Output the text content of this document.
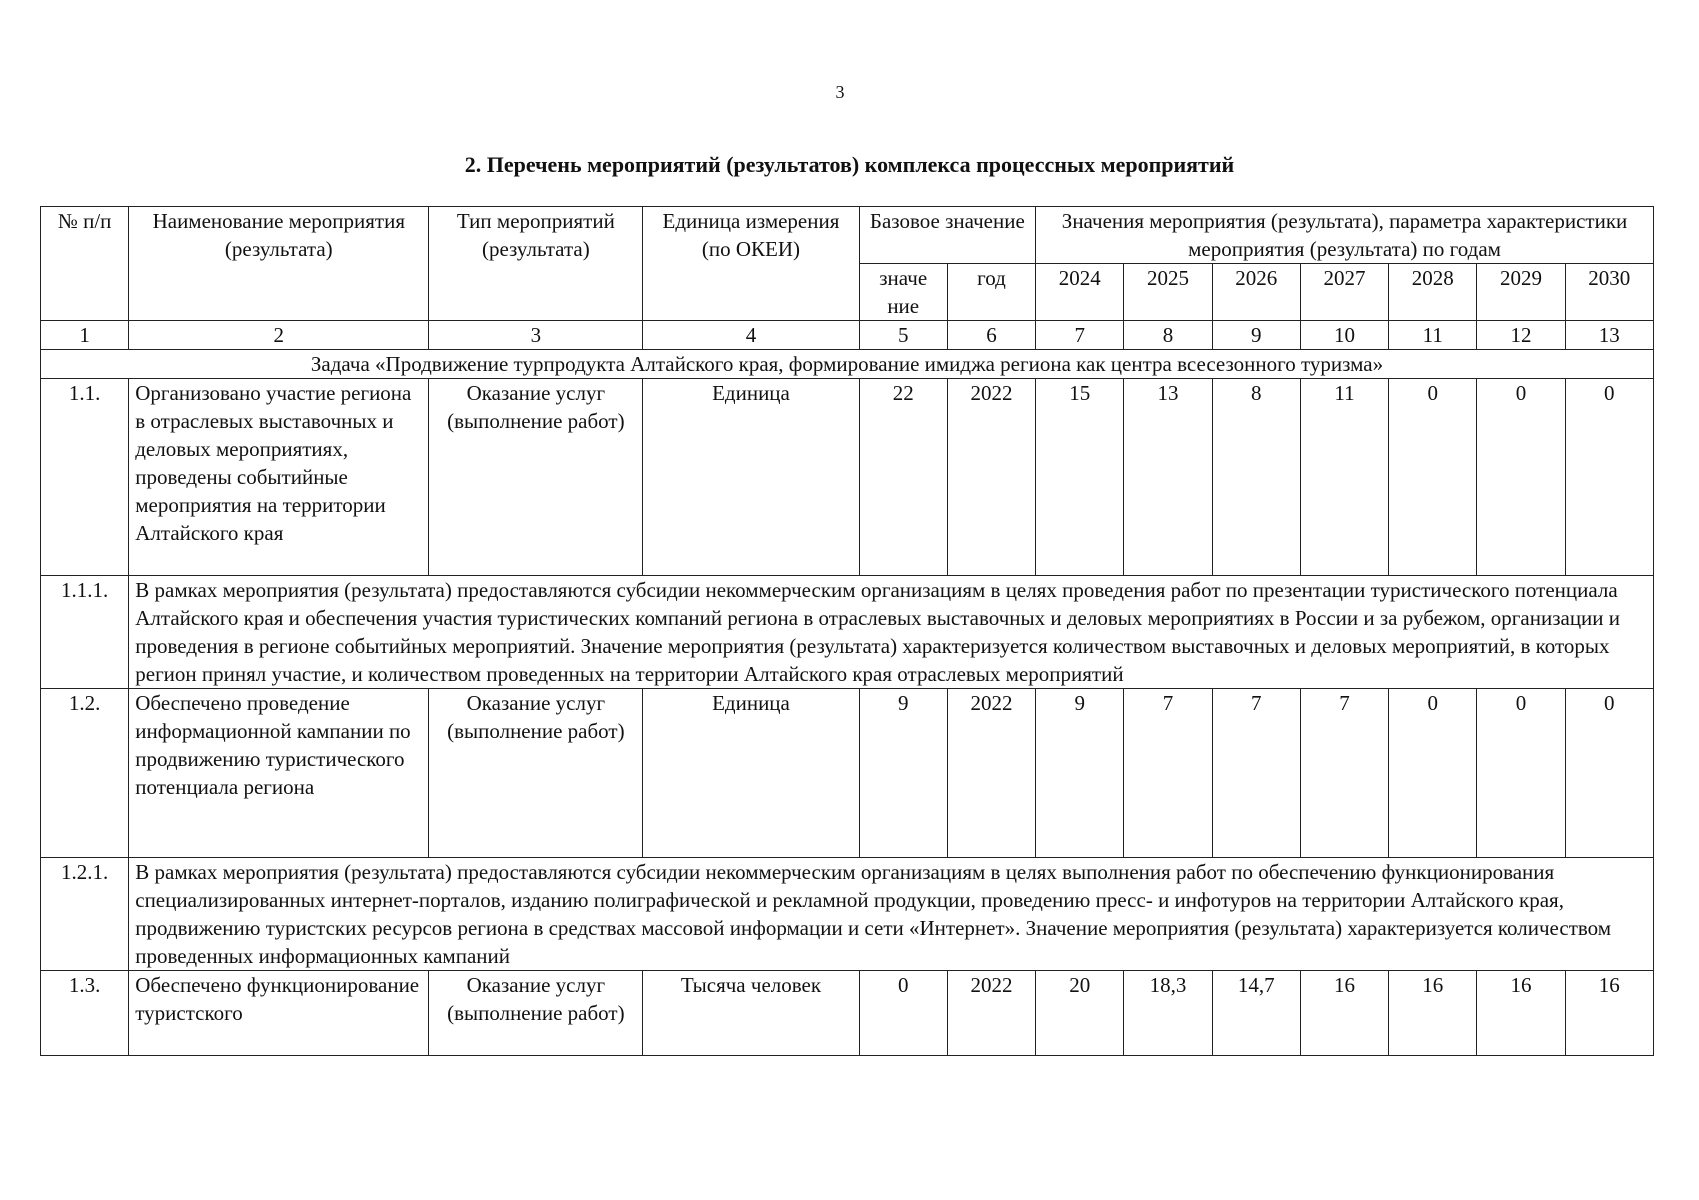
3
2. Перечень мероприятий (результатов) комплекса процессных мероприятий
№ п/п	Наименование мероприятия (результата)	Тип мероприятий (результата)	Единица измерения (по ОКЕИ)	Базовое значение		Значения мероприятия (результата), параметра характеристики мероприятия (результата) по годам						
				значе ние	год	2024	2025	2026	2027	2028	2029	2030
1	2	3	4	5	6	7	8	9	10	11	12	13
Задача «Продвижение турпродукта Алтайского края, формирование имиджа региона как центра всесезонного туризма»												
1.1.	Организовано участие региона в отраслевых выставочных и деловых мероприятиях, проведены событийные мероприятия на территории Алтайского края	Оказание услуг (выполнение работ)	Единица	22	2022	15	13	8	11	0	0	0
1.1.1.	В рамках мероприятия (результата) предоставляются субсидии некоммерческим организациям в целях проведения работ по презентации туристического потенциала Алтайского края и обеспечения участия туристических компаний региона в отраслевых выставочных и деловых мероприятиях в России и за рубежом, организации и проведения в регионе событийных мероприятий. Значение мероприятия (результата) характеризуется количеством выставочных и деловых мероприятий, в которых регион принял участие, и количеством проведенных на территории Алтайского края отраслевых мероприятий											
1.2.	Обеспечено проведение информационной кампании по продвижению туристического потенциала региона	Оказание услуг (выполнение работ)	Единица	9	2022	9	7	7	7	0	0	0
1.2.1.	В рамках мероприятия (результата) предоставляются субсидии некоммерческим организациям в целях выполнения работ по обеспечению функционирования специализированных интернет-порталов, изданию полиграфической и рекламной продукции, проведению пресс- и инфотуров на территории Алтайского края, продвижению туристских ресурсов региона в средствах массовой информации и сети «Интернет». Значение мероприятия (результата) характеризуется количеством проведенных информационных кампаний											
1.3.	Обеспечено функционирование туристского	Оказание услуг (выполнение работ)	Тысяча человек	0	2022	20	18,3	14,7	16	16	16	16
